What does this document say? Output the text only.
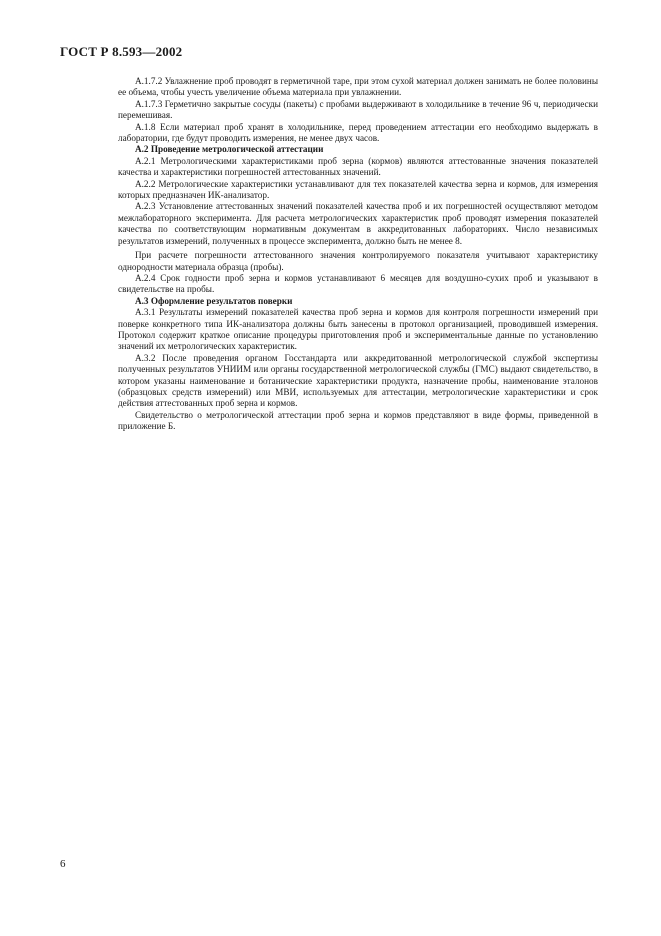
ГОСТ Р 8.593—2002

А.1.7.2 Увлажнение проб проводят в герметичной таре, при этом сухой материал должен занимать не более половины ее объема, чтобы учесть увеличение объема материала при увлажнении.

А.1.7.3 Герметично закрытые сосуды (пакеты) с пробами выдерживают в холодильнике в течение 96 ч, периодически перемешивая.

А.1.8 Если материал проб хранят в холодильнике, перед проведением аттестации его необходимо выдержать в лаборатории, где будут проводить измерения, не менее двух часов.

А.2 Проведение метрологической аттестации

А.2.1 Метрологическими характеристиками проб зерна (кормов) являются аттестованные значения показателей качества и характеристики погрешностей аттестованных значений.

А.2.2 Метрологические характеристики устанавливают для тех показателей качества зерна и кормов, для измерения которых предназначен ИК-анализатор.

А.2.3 Установление аттестованных значений показателей качества проб и их погрешностей осуществляют методом межлабораторного эксперимента. Для расчета метрологических характеристик проб проводят измерения показателей качества по соответствующим нормативным документам в аккредитованных лабораториях. Число независимых результатов измерений, полученных в процессе эксперимента, должно быть не менее 8.

При расчете погрешности аттестованного значения контролируемого показателя учитывают характеристику однородности материала образца (пробы).

А.2.4 Срок годности проб зерна и кормов устанавливают 6 месяцев для воздушно-сухих проб и указывают в свидетельстве на пробы.

А.3 Оформление результатов поверки

А.3.1 Результаты измерений показателей качества проб зерна и кормов для контроля погрешности измерений при поверке конкретного типа ИК-анализатора должны быть занесены в протокол организацией, проводившей измерения. Протокол содержит краткое описание процедуры приготовления проб и экспериментальные данные по установлению значений их метрологических характеристик.

А.3.2 После проведения органом Госстандарта или аккредитованной метрологической службой экспертизы полученных результатов УНИИМ или органы государственной метрологической службы (ГМС) выдают свидетельство, в котором указаны наименование и ботанические характеристики продукта, назначение пробы, наименование эталонов (образцовых средств измерений) или МВИ, используемых для аттестации, метрологические характеристики и срок действия аттестованных проб зерна и кормов.

Свидетельство о метрологической аттестации проб зерна и кормов представляют в виде формы, приведенной в приложение Б.

6
